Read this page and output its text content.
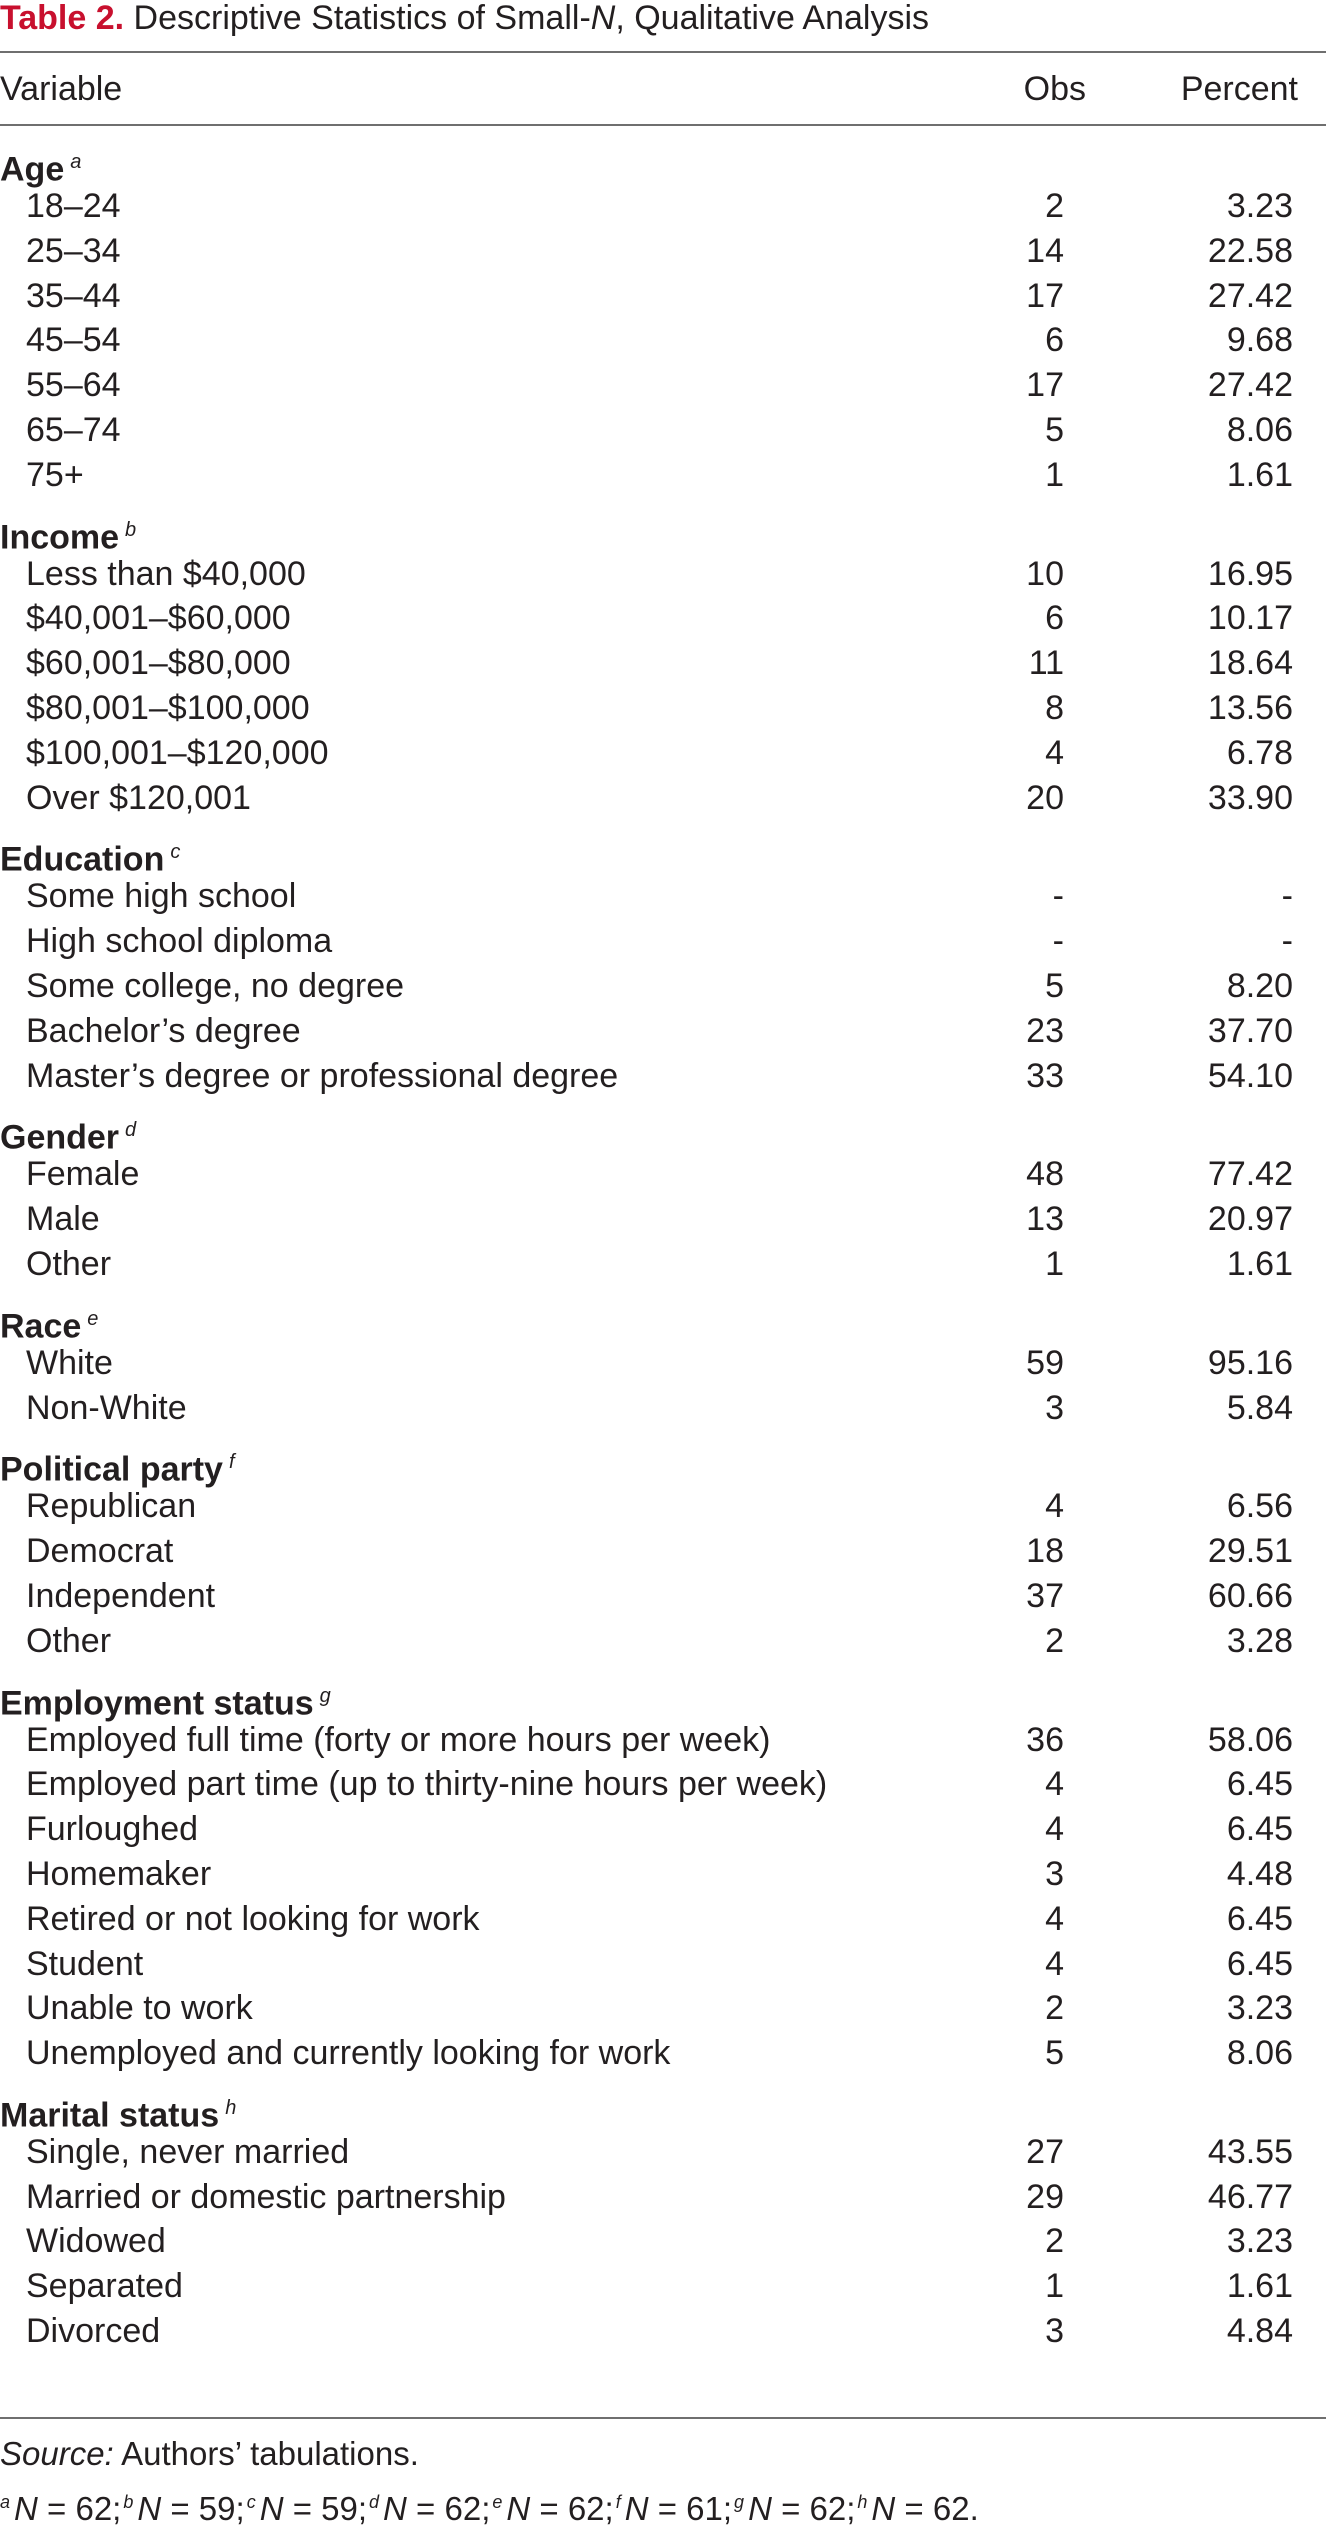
Table 2. Descriptive Statistics of Small-N, Qualitative Analysis
Variable	Obs	Percent
Age $^a$
18–24	2	3.23
25–34	14	22.58
35–44	17	27.42
45–54	6	9.68
55–64	17	27.42
65–74	5	8.06
75+	1	1.61
Income $^b$
Less than $40,000	10	16.95
$40,001–$60,000	6	10.17
$60,001–$80,000	11	18.64
$80,001–$100,000	8	13.56
$100,001–$120,000	4	6.78
Over $120,001	20	33.90
Education $^c$
Some high school	-	-
High school diploma	-	-
Some college, no degree	5	8.20
Bachelor’s degree	23	37.70
Master’s degree or professional degree	33	54.10
Gender $^d$
Female	48	77.42
Male	13	20.97
Other	1	1.61
Race $^e$
White	59	95.16
Non-White	3	5.84
Political party $^f$
Republican	4	6.56
Democrat	18	29.51
Independent	37	60.66
Other	2	3.28
Employment status $^g$
Employed full time (forty or more hours per week)	36	58.06
Employed part time (up to thirty-nine hours per week)	4	6.45
Furloughed	4	6.45
Homemaker	3	4.48
Retired or not looking for work	4	6.45
Student	4	6.45
Unable to work	2	3.23
Unemployed and currently looking for work	5	8.06
Marital status $^h$
Single, never married	27	43.55
Married or domestic partnership	29	46.77
Widowed	2	3.23
Separated	1	1.61
Divorced	3	4.84
Source: Authors’ tabulations.
$^a$ N = 62; $^b$ N = 59; $^c$ N = 59; $^d$ N = 62; $^e$ N = 62; $^f$ N = 61; $^g$ N = 62; $^h$ N = 62.
